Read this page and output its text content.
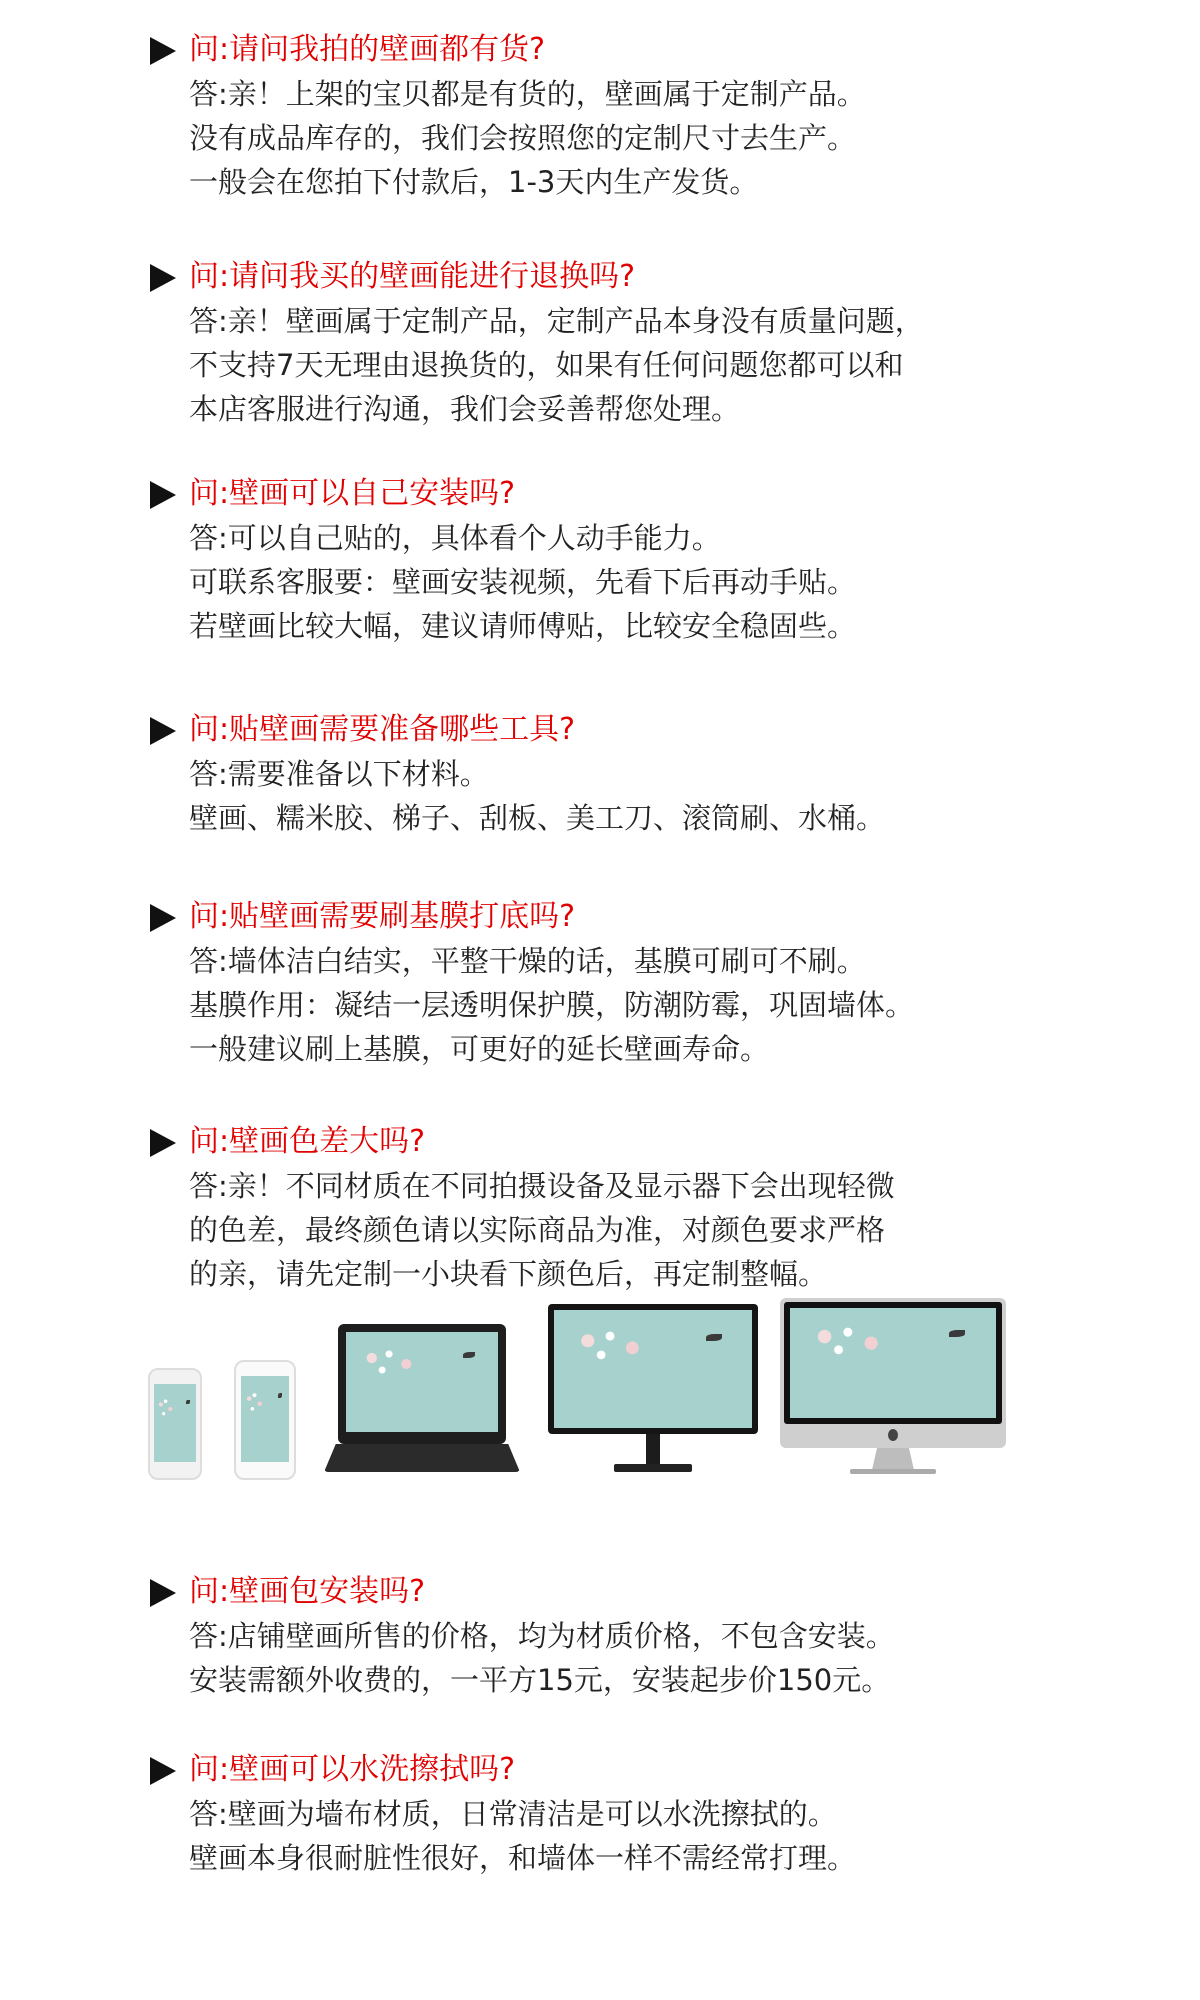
问:请问我拍的壁画都有货?
答:亲！上架的宝贝都是有货的，壁画属于定制产品。
没有成品库存的，我们会按照您的定制尺寸去生产。
一般会在您拍下付款后，1-3天内生产发货。
问:请问我买的壁画能进行退换吗?
答:亲！壁画属于定制产品，定制产品本身没有质量问题，
不支持7天无理由退换货的，如果有任何问题您都可以和
本店客服进行沟通，我们会妥善帮您处理。
问:壁画可以自己安装吗?
答:可以自己贴的，具体看个人动手能力。
可联系客服要：壁画安装视频，先看下后再动手贴。
若壁画比较大幅，建议请师傅贴，比较安全稳固些。
问:贴壁画需要准备哪些工具?
答:需要准备以下材料。
壁画、糯米胶、梯子、刮板、美工刀、滚筒刷、水桶。
问:贴壁画需要刷基膜打底吗?
答:墙体洁白结实，平整干燥的话，基膜可刷可不刷。
基膜作用：凝结一层透明保护膜，防潮防霉，巩固墙体。
一般建议刷上基膜，可更好的延长壁画寿命。
问:壁画色差大吗?
答:亲！不同材质在不同拍摄设备及显示器下会出现轻微
的色差，最终颜色请以实际商品为准，对颜色要求严格
的亲，请先定制一小块看下颜色后，再定制整幅。
问:壁画包安装吗?
答:店铺壁画所售的价格，均为材质价格，不包含安装。
安装需额外收费的，一平方15元，安装起步价150元。
问:壁画可以水洗擦拭吗?
答:壁画为墙布材质，日常清洁是可以水洗擦拭的。
壁画本身很耐脏性很好，和墙体一样不需经常打理。
